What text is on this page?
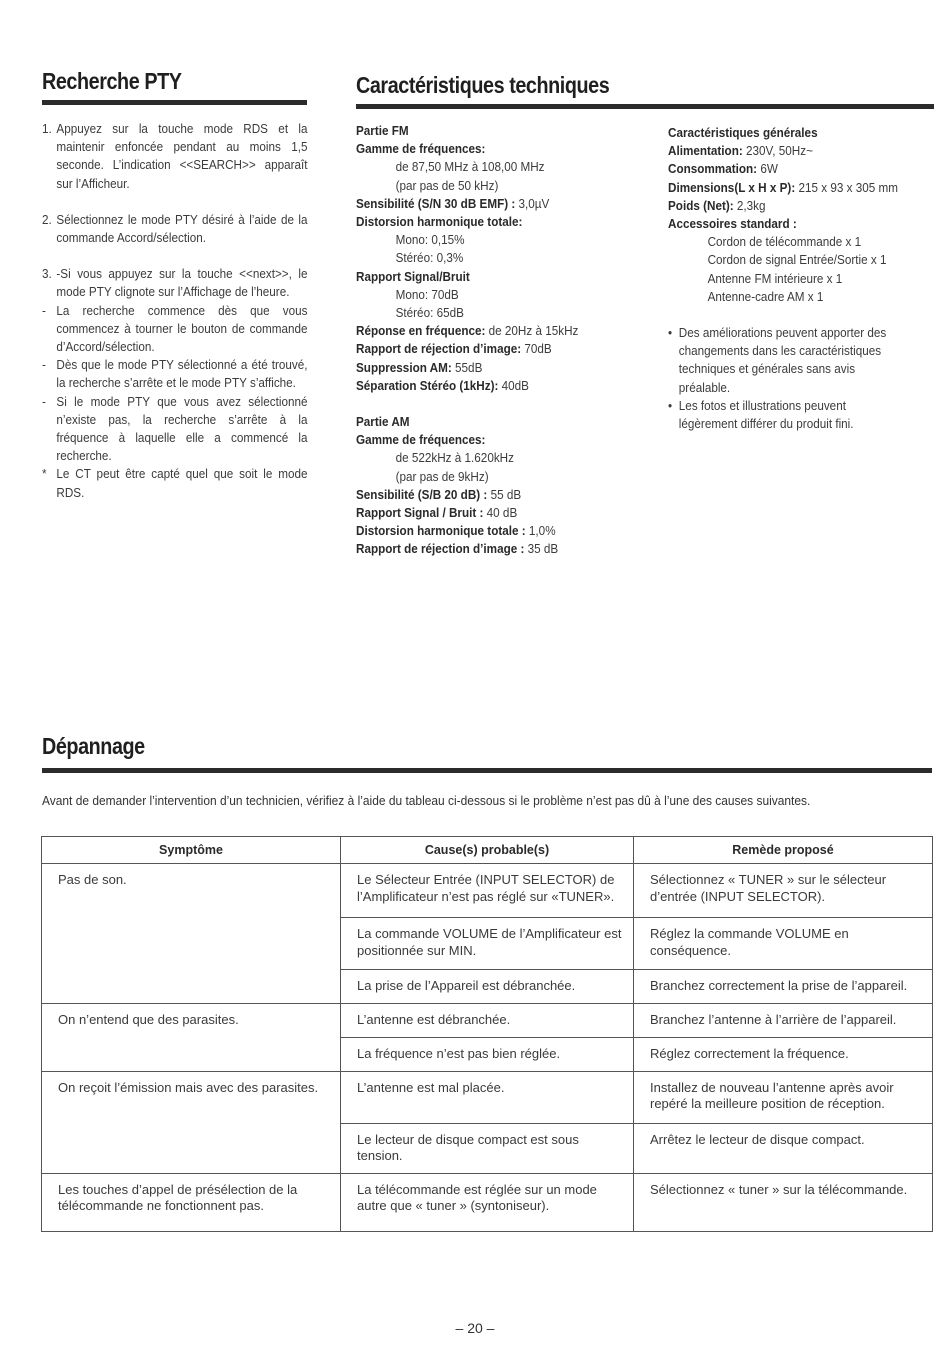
Recherche PTY
1. Appuyez sur la touche mode RDS et la maintenir enfoncée pendant au moins 1,5 seconde. L’indication <<SEARCH>> apparaît sur l’Afficheur.
2. Sélectionnez le mode PTY désiré à l’aide de la commande Accord/sélection.
3. -Si vous appuyez sur la touche <<next>>, le mode PTY clignote sur l’Affichage de l’heure.
- La recherche commence dès que vous commencez à tourner le bouton de commande d’Accord/sélection.
- Dès que le mode PTY sélectionné a été trouvé, la recherche s’arrête et le mode PTY s’affiche.
- Si le mode PTY que vous avez sélectionné n’existe pas, la recherche s’arrête à la fréquence à laquelle elle a commencé la recherche.
* Le CT peut être capté quel que soit le mode RDS.
Caractéristiques techniques

Partie FM

Gamme de fréquences:

de 87,50 MHz à 108,00 MHz

(par pas de 50 kHz)

Sensibilité (S/N 30 dB EMF) : 3,0µV

Distorsion harmonique totale:

Mono: 0,15%

Stéréo: 0,3%

Rapport Signal/Bruit

Mono: 70dB

Stéréo: 65dB

Réponse en fréquence: de 20Hz à 15kHz

Rapport de réjection d’image: 70dB

Suppression AM: 55dB

Séparation Stéréo (1kHz): 40dB

Partie AM

Gamme de fréquences:

de 522kHz à 1.620kHz

(par pas de 9kHz)

Sensibilité (S/B 20 dB) : 55 dB

Rapport Signal / Bruit : 40 dB

Distorsion harmonique totale : 1,0%

Rapport de réjection d’image : 35 dB

Caractéristiques générales

Alimentation: 230V, 50Hz~

Consommation: 6W

Dimensions(L x H x P): 215 x 93 x 305 mm

Poids (Net): 2,3kg

Accessoires standard :

Cordon de télécommande x 1

Cordon de signal Entrée/Sortie x 1

Antenne FM intérieure x 1

Antenne-cadre AM x 1

• Des améliorations peuvent apporter des changements dans les caractéristiques techniques et générales sans avis préalable.
• Les fotos et illustrations peuvent légèrement différer du produit fini.
Dépannage
Avant de demander l’intervention d’un technicien, vérifiez à l’aide du tableau ci-dessous si le problème n’est pas dû à l’une des causes suivantes.
Symptôme	Cause(s) probable(s)	Remède proposé
Pas de son.	Le Sélecteur Entrée (INPUT SELECTOR) de l’Amplificateur n’est pas réglé sur «TUNER».	Sélectionnez « TUNER » sur le sélecteur d’entrée (INPUT SELECTOR).
	La commande VOLUME de l’Amplificateur est positionnée sur MIN.	Réglez la commande VOLUME en conséquence.
	La prise de l’Appareil est débranchée.	Branchez correctement la prise de l’appareil.
On n’entend que des parasites.	L’antenne est débranchée.	Branchez l’antenne à l’arrière de l’appareil.
	La fréquence n’est pas bien réglée.	Réglez correctement la fréquence.
On reçoit l’émission mais avec des parasites.	L’antenne est mal placée.	Installez de nouveau l’antenne après avoir repéré la meilleure position de réception.
	Le lecteur de disque compact est sous tension.	Arrêtez le lecteur de disque compact.
Les touches d’appel de présélection de la télécommande ne fonctionnent pas.	La télécommande est réglée sur un mode autre que « tuner » (syntoniseur).	Sélectionnez « tuner » sur la télécommande.
– 20 –
